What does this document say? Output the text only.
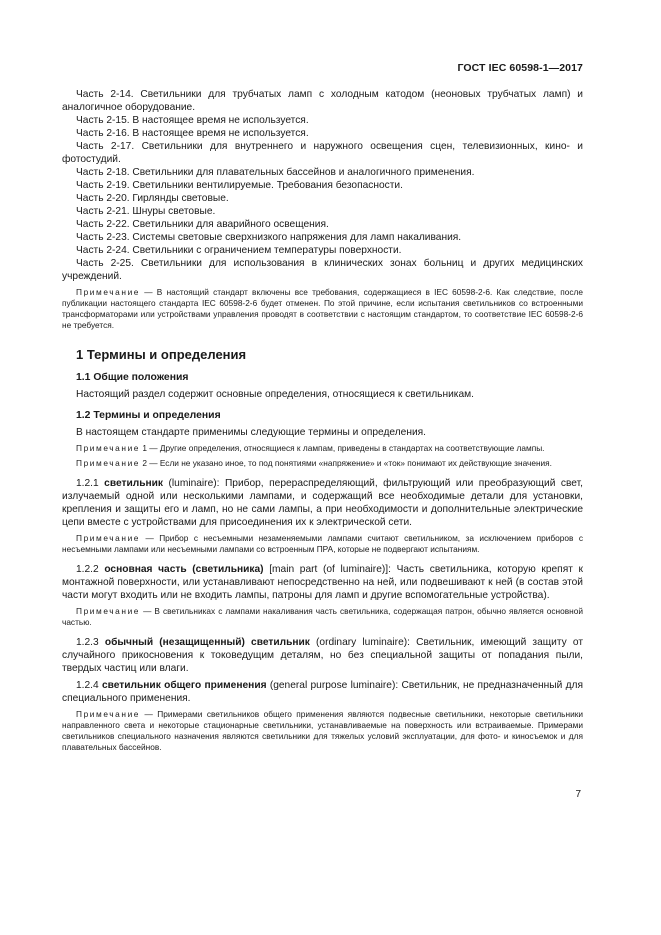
ГОСТ IEC 60598-1—2017

Часть 2-14. Светильники для трубчатых ламп с холодным катодом (неоновых трубчатых ламп) и аналогичное оборудование.

Часть 2-15. В настоящее время не используется.

Часть 2-16. В настоящее время не используется.

Часть 2-17. Светильники для внутреннего и наружного освещения сцен, телевизионных, кино- и фотостудий.

Часть 2-18. Светильники для плавательных бассейнов и аналогичного применения.

Часть 2-19. Светильники вентилируемые. Требования безопасности.

Часть 2-20. Гирлянды световые.

Часть 2-21. Шнуры световые.

Часть 2-22. Светильники для аварийного освещения.

Часть 2-23. Системы световые сверхнизкого напряжения для ламп накаливания.

Часть 2-24. Светильники с ограничением температуры поверхности.

Часть 2-25. Светильники для использования в клинических зонах больниц и других медицинских учреждений.

Примечание — В настоящий стандарт включены все требования, содержащиеся в IEC 60598-2-6. Как следствие, после публикации настоящего стандарта IEC 60598-2-6 будет отменен. По этой причине, если испытания светильников со встроенными трансформаторами или устройствами управления проводят в соответствии с настоящим стандартом, то соответствие IEC 60598-2-6 не требуется.

1 Термины и определения
1.1 Общие положения

Настоящий раздел содержит основные определения, относящиеся к светильникам.

1.2 Термины и определения

В настоящем стандарте применимы следующие термины и определения.

Примечание 1 — Другие определения, относящиеся к лампам, приведены в стандартах на соответствующие лампы.

Примечание 2 — Если не указано иное, то под понятиями «напряжение» и «ток» понимают их действующие значения.

1.2.1 светильник (luminaire): Прибор, перераспределяющий, фильтрующий или преобразующий свет, излучаемый одной или несколькими лампами, и содержащий все необходимые детали для установки, крепления и защиты его и ламп, но не сами лампы, а при необходимости и дополнительные электрические цепи вместе с устройствами для присоединения их к электрической сети.

Примечание — Прибор с несъемными незаменяемыми лампами считают светильником, за исключением приборов с несъемными лампами или несъемными лампами со встроенным ПРА, которые не подвергают испытаниям.

1.2.2 основная часть (светильника) [main part (of luminaire)]: Часть светильника, которую крепят к монтажной поверхности, или устанавливают непосредственно на ней, или подвешивают к ней (в состав этой части могут входить или не входить лампы, патроны для ламп и другие вспомогательные устройства).

Примечание — В светильниках с лампами накаливания часть светильника, содержащая патрон, обычно является основной частью.

1.2.3 обычный (незащищенный) светильник (ordinary luminaire): Светильник, имеющий защиту от случайного прикосновения к токоведущим деталям, но без специальной защиты от попадания пыли, твердых частиц или влаги.

1.2.4 светильник общего применения (general purpose luminaire): Светильник, не предназначенный для специального применения.

Примечание — Примерами светильников общего применения являются подвесные светильники, некоторые светильники направленного света и некоторые стационарные светильники, устанавливаемые на поверхность или встраиваемые. Примерами светильников специального назначения являются светильники для тяжелых условий эксплуатации, для фото- и киносъемок и для плавательных бассейнов.

7
